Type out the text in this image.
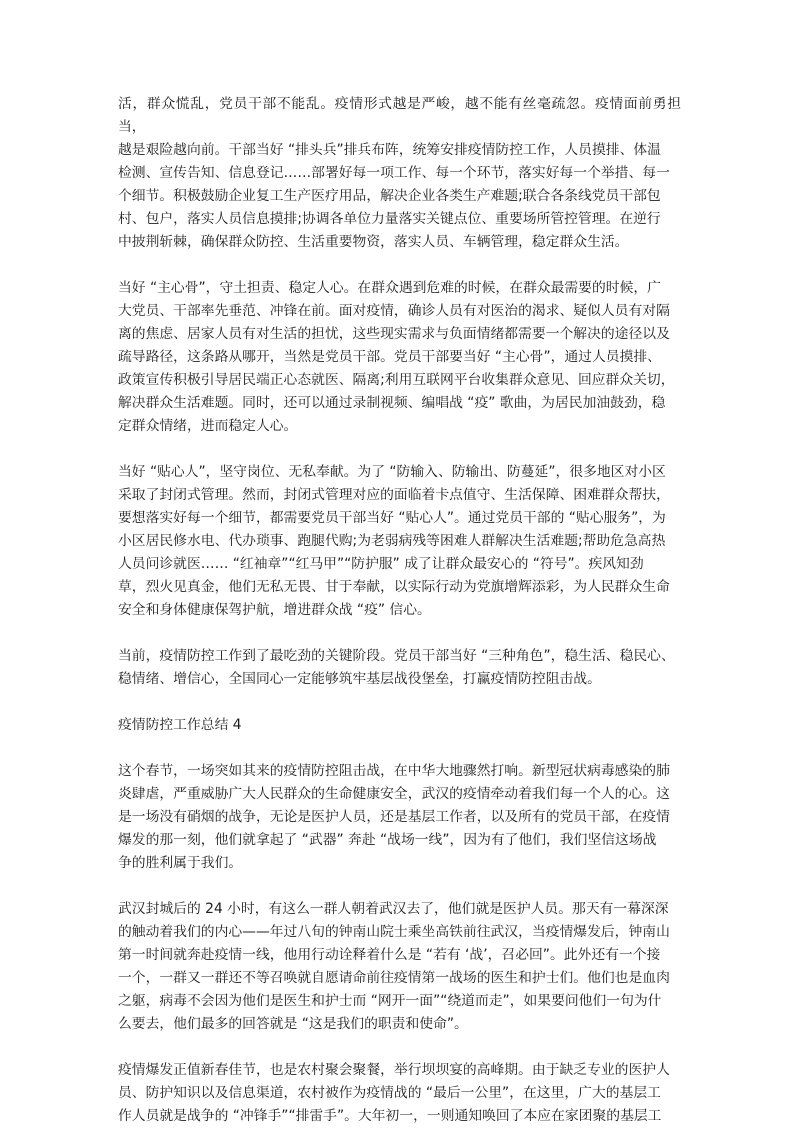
活，群众慌乱，党员干部不能乱。疫情形式越是严峻，越不能有丝毫疏忽。疫情面前勇担当，
越是艰险越向前。干部当好 “排头兵”排兵布阵，统筹安排疫情防控工作，人员摸排、体温
检测、宣传告知、信息登记……部署好每一项工作、每一个环节，落实好每一个举措、每一
个细节。积极鼓励企业复工生产医疗用品，解决企业各类生产难题;联合各条线党员干部包
村、包户，落实人员信息摸排;协调各单位力量落实关键点位、重要场所管控管理。在逆行
中披荆斩棘，确保群众防控、生活重要物资，落实人员、车辆管理，稳定群众生活。

当好 “主心骨”，守土担责、稳定人心。在群众遇到危难的时候，在群众最需要的时候，广
大党员、干部率先垂范、冲锋在前。面对疫情，确诊人员有对医治的渴求、疑似人员有对隔
离的焦虑、居家人员有对生活的担忧，这些现实需求与负面情绪都需要一个解决的途径以及
疏导路径，这条路从哪开，当然是党员干部。党员干部要当好 “主心骨”，通过人员摸排、
政策宣传积极引导居民端正心态就医、隔离;利用互联网平台收集群众意见、回应群众关切，
解决群众生活难题。同时，还可以通过录制视频、编唱战 “疫” 歌曲，为居民加油鼓劲，稳
定群众情绪，进而稳定人心。

当好 “贴心人”，坚守岗位、无私奉献。为了 “防输入、防输出、防蔓延”，很多地区对小区
采取了封闭式管理。然而，封闭式管理对应的面临着卡点值守、生活保障、困难群众帮扶，
要想落实好每一个细节，都需要党员干部当好 “贴心人”。通过党员干部的 “贴心服务”，为
小区居民修水电、代办琐事、跑腿代购;为老弱病残等困难人群解决生活难题;帮助危急高热
人员问诊就医…… “红袖章”“红马甲”“防护服” 成了让群众最安心的 “符号”。疾风知劲
草，烈火见真金，他们无私无畏、甘于奉献，以实际行动为党旗增辉添彩，为人民群众生命
安全和身体健康保驾护航，增进群众战 “疫” 信心。

当前，疫情防控工作到了最吃劲的关键阶段。党员干部当好 “三种角色”，稳生活、稳民心、
稳情绪、增信心，全国同心一定能够筑牢基层战役堡垒，打赢疫情防控阻击战。

疫情防控工作总结 4

这个春节，一场突如其来的疫情防控阻击战，在中华大地骤然打响。新型冠状病毒感染的肺
炎肆虐，严重威胁广大人民群众的生命健康安全，武汉的疫情牵动着我们每一个人的心。这
是一场没有硝烟的战争，无论是医护人员，还是基层工作者，以及所有的党员干部，在疫情
爆发的那一刻，他们就拿起了 “武器” 奔赴 “战场一线”，因为有了他们，我们坚信这场战
争的胜利属于我们。

武汉封城后的 24 小时，有这么一群人朝着武汉去了，他们就是医护人员。那天有一幕深深
的触动着我们的内心——年过八旬的钟南山院士乘坐高铁前往武汉，当疫情爆发后，钟南山
第一时间就奔赴疫情一线，他用行动诠释着什么是 “若有 ‘战’，召必回”。此外还有一个接
一个，一群又一群还不等召唤就自愿请命前往疫情第一战场的医生和护士们。他们也是血肉
之躯，病毒不会因为他们是医生和护士而 “网开一面”“绕道而走”，如果要问他们一句为什
么要去，他们最多的回答就是 “这是我们的职责和使命”。

疫情爆发正值新春佳节，也是农村聚会聚餐，举行坝坝宴的高峰期。由于缺乏专业的医护人
员、防护知识以及信息渠道，农村被作为疫情战的 “最后一公里”，在这里，广大的基层工
作人员就是战争的 “冲锋手”“排雷手”。大年初一，一则通知唤回了本应在家团聚的基层工
